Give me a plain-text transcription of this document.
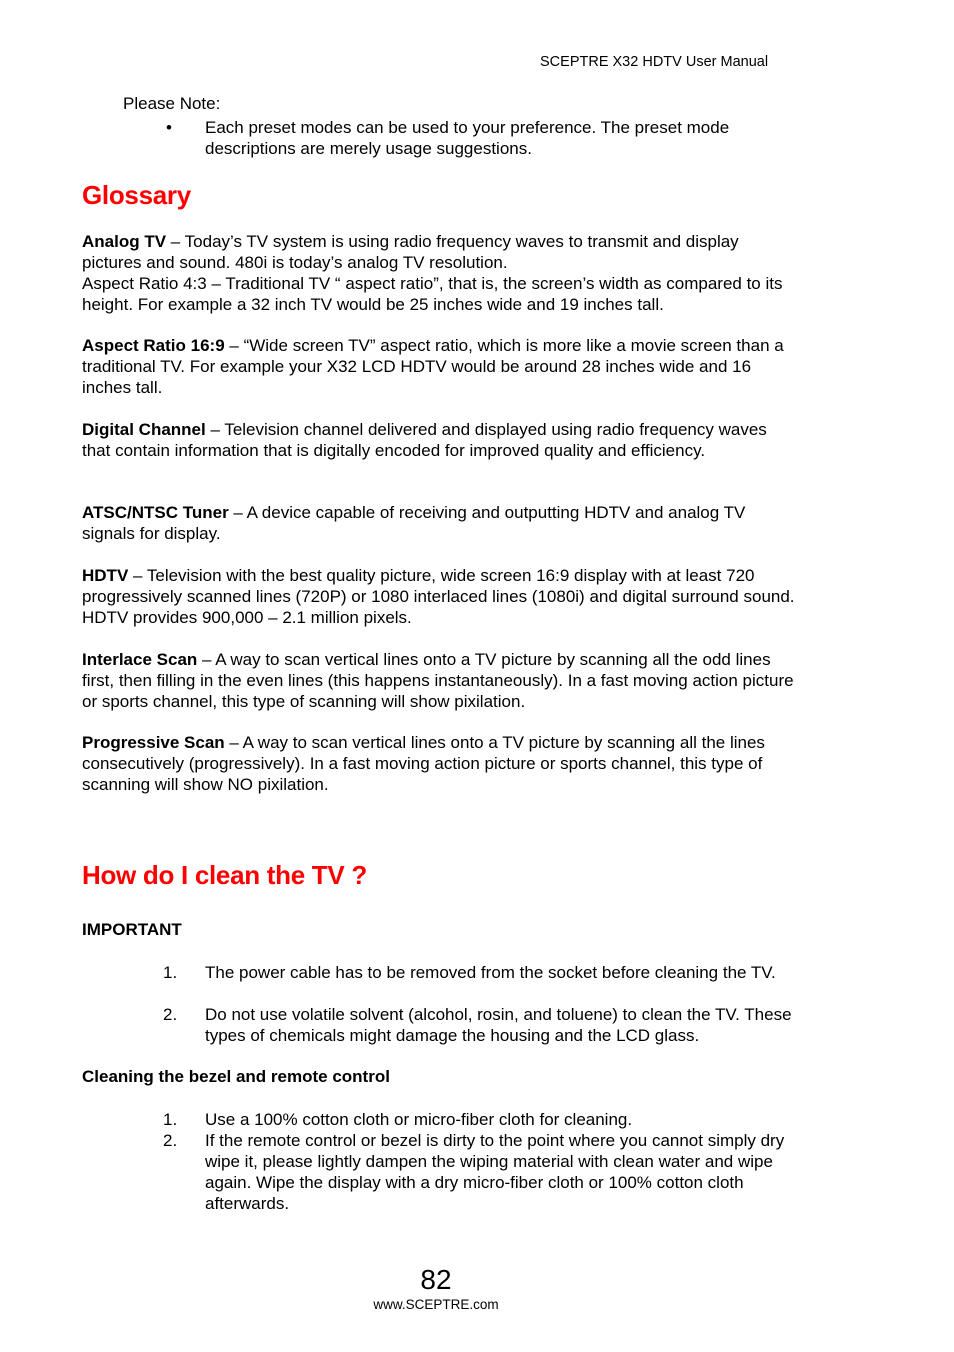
SCEPTRE X32 HDTV User Manual
Please Note:
• Each preset modes can be used to your preference. The preset mode descriptions are merely usage suggestions.
Glossary
Analog TV – Today’s TV system is using radio frequency waves to transmit and display pictures and sound. 480i is today’s analog TV resolution.
Aspect Ratio 4:3 – Traditional TV “ aspect ratio”, that is, the screen’s width as compared to its height. For example a 32 inch TV would be 25 inches wide and 19 inches tall.
Aspect Ratio 16:9 – “Wide screen TV” aspect ratio, which is more like a movie screen than a traditional TV. For example your X32 LCD HDTV would be around 28 inches wide and 16 inches tall.
Digital Channel – Television channel delivered and displayed using radio frequency waves that contain information that is digitally encoded for improved quality and efficiency.
ATSC/NTSC Tuner – A device capable of receiving and outputting HDTV and analog TV signals for display.
HDTV – Television with the best quality picture, wide screen 16:9 display with at least 720 progressively scanned lines (720P) or 1080 interlaced lines (1080i) and digital surround sound. HDTV provides 900,000 – 2.1 million pixels.
Interlace Scan – A way to scan vertical lines onto a TV picture by scanning all the odd lines first, then filling in the even lines (this happens instantaneously). In a fast moving action picture or sports channel, this type of scanning will show pixilation.
Progressive Scan – A way to scan vertical lines onto a TV picture by scanning all the lines consecutively (progressively). In a fast moving action picture or sports channel, this type of scanning will show NO pixilation.
How do I clean the TV ?
IMPORTANT
1. The power cable has to be removed from the socket before cleaning the TV.
2. Do not use volatile solvent (alcohol, rosin, and toluene) to clean the TV. These types of chemicals might damage the housing and the LCD glass.
Cleaning the bezel and remote control
1. Use a 100% cotton cloth or micro-fiber cloth for cleaning.
2. If the remote control or bezel is dirty to the point where you cannot simply dry wipe it, please lightly dampen the wiping material with clean water and wipe again. Wipe the display with a dry micro-fiber cloth or 100% cotton cloth afterwards.
82
www.SCEPTRE.com
